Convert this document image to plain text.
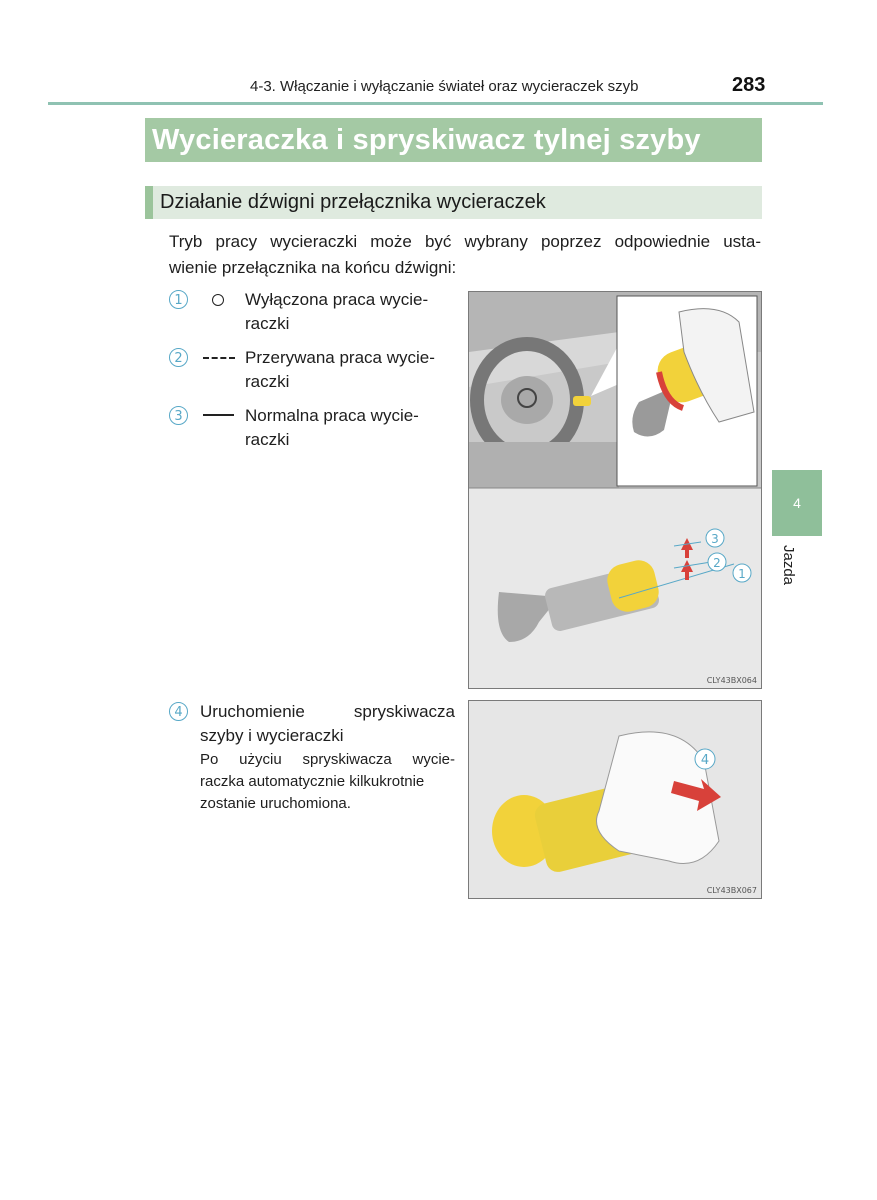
4-3. Włączanie i wyłączanie świateł oraz wycieraczek szyb	283
Wycieraczka i spryskiwacz tylnej szyby
Działanie dźwigni przełącznika wycieraczek
Tryb pracy wycieraczki może być wybrany poprzez odpowiednie usta-
wienie przełącznika na końcu dźwigni:
1	Wyłączona praca wycie-
raczki
2	Przerywana praca wycie-
raczki
3	Normalna praca wycie-
raczki
3
2
1
CLY43BX064
4
Jazda
4	Uruchomienie spryskiwacza
szyby i wycieraczki
Po użyciu spryskiwacza wycie-
raczka automatycznie kilkukrotnie
zostanie uruchomiona.
4
CLY43BX067
